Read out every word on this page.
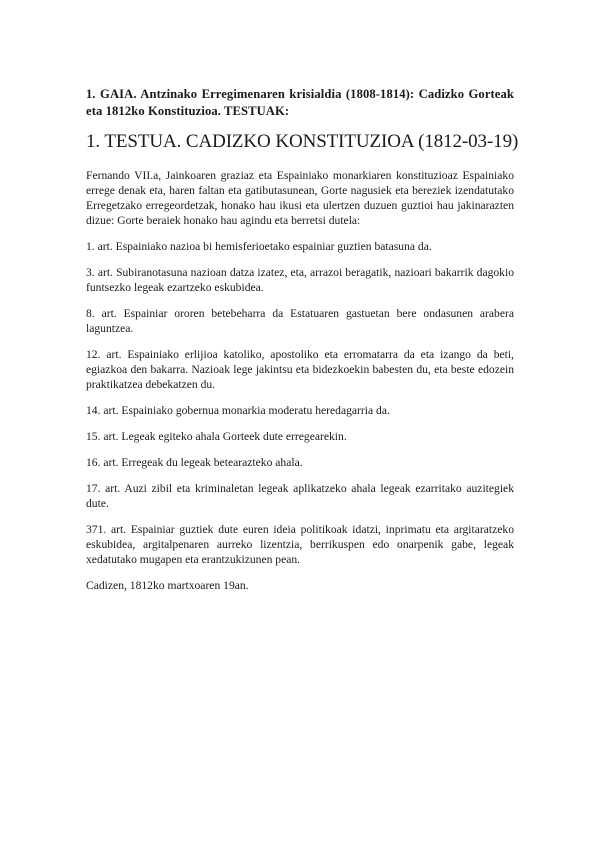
1. GAIA. Antzinako Erregimenaren krisialdia (1808-1814): Cadizko Gorteak eta 1812ko Konstituzioa. TESTUAK:

1. TESTUA. CADIZKO KONSTITUZIOA (1812-03-19)

Fernando VII.a, Jainkoaren graziaz eta Espainiako monarkiaren konstituzioaz Espainiako errege denak eta, haren faltan eta gatibutasunean, Gorte nagusiek eta bereziek izendatutako Erregetzako erregeordetzak, honako hau ikusi eta ulertzen duzuen guztioi hau jakinarazten dizue: Gorte beraiek honako hau agindu eta berretsi dutela:

1. art. Espainiako nazioa bi hemisferioetako espainiar guztien batasuna da.

3. art. Subiranotasuna nazioan datza izatez, eta, arrazoi beragatik, nazioari bakarrik dagokio funtsezko legeak ezartzeko eskubidea.

8. art. Espainiar ororen betebeharra da Estatuaren gastuetan bere ondasunen arabera laguntzea.

12. art. Espainiako erlijioa katoliko, apostoliko eta erromatarra da eta izango da beti, egiazkoa den bakarra. Nazioak lege jakintsu eta bidezkoekin babesten du, eta beste edozein praktikatzea debekatzen du.

14. art. Espainiako gobernua monarkia moderatu heredagarria da.

15. art. Legeak egiteko ahala Gorteek dute erregearekin.

16. art. Erregeak du legeak betearazteko ahala.

17. art. Auzi zibil eta kriminaletan legeak aplikatzeko ahala legeak ezarritako auzitegiek dute.

371. art. Espainiar guztiek dute euren ideia politikoak idatzi, inprimatu eta argitaratzeko eskubidea, argitalpenaren aurreko lizentzia, berrikuspen edo onarpenik gabe, legeak xedatutako mugapen eta erantzukizunen pean.

Cadizen, 1812ko martxoaren 19an.
